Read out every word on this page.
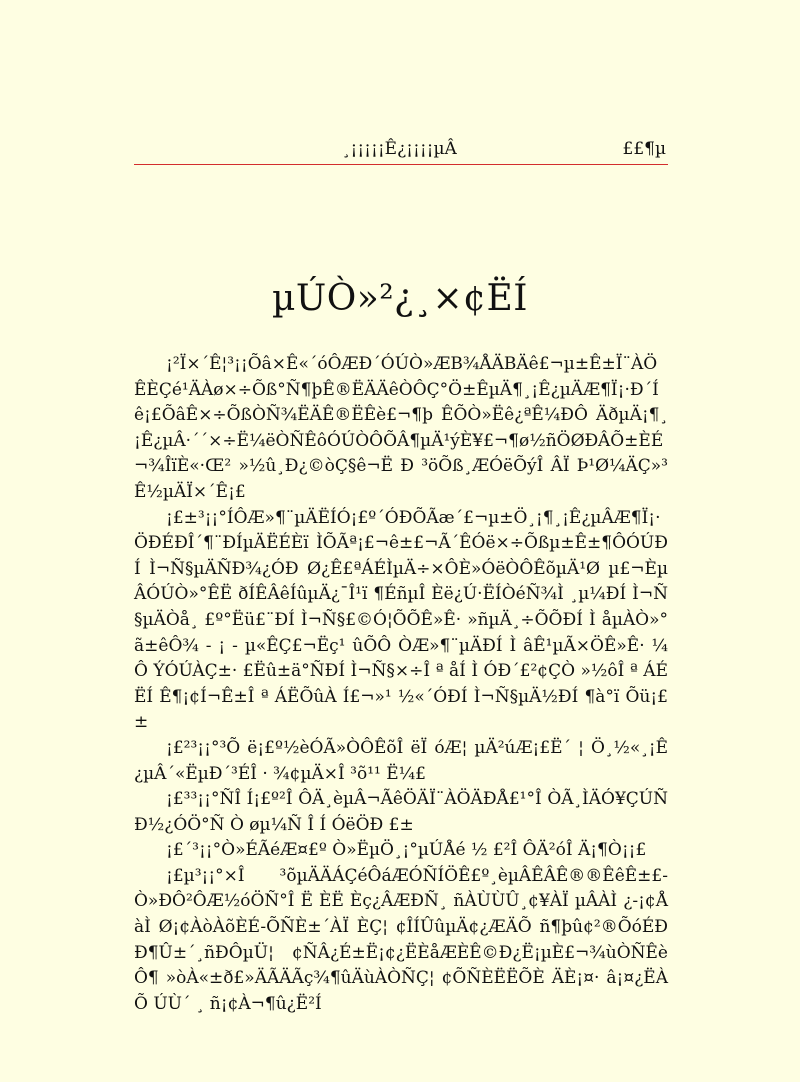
¸¡¡¡¡¡Ê¿¡¡¡¡µÂ	££¶µ
µÚÒ»²¿¸×¢ËÍ

¡²Ï×´Ê¦³¡¡Õâ×Ê«´óÔÆÐ´ÓÚÒ»ÆB¾ÅÄBÄê£¬µ±Ê±Ï¨ÀÖÊÈÇé¹ÄÀø×÷Õß°Ñ¶þÊ®ËÄÄêÒÔÇ°Ö±ÊµÄ¶¸¡Ê¿µÄÆ¶Ï¡·Ð´Í ê¡£ÕâÊ×÷ÕßÒÑ¾ËÄÊ®ËÊè£¬¶þ ÊÕÒ»Ëê¿ªÊ¼ÐÔ ÄðµÄ¡¶¸¡Ê¿µÂ·´´×÷Ë¼ëÒÑÊôÓÚÒÔÕÂ¶µÄ¹ýÈ¥£¬¶ø½ñÖØÐÂÕ±ÈÉ¬¾ÎïÈ«·Œ² »½û¸Ð¿©òÇ§ê¬Ë Ð ³öÕß¸ÆÓëÕýÎ ÂÏ Þ¹Ø¼ÄÇ»³Ê½µÄÏ×´Ê¡£

¡£±³¡¡°ÍÔÆ»¶¨µÄËÍÓ¡£º´ÓÐÕÃæ´£¬µ±Ö¸¡¶¸¡Ê¿µÂÆ¶Ï¡·ÖÐÉÐÎ´¶¨ÐÍµÄËÉÈï ÌÕÃª¡£¬ê±£¬Ã´ÊÓë×÷Õßµ±Ê±¶ÔÓÚÐÍ Ì¬Ñ§µÄÑÐ¾¿ÓÐ Ø¿Ê£ªÁÉÌµÄ÷×ÔÈ»ÓëÒÔÊõµÄ¹Ø µ£¬ÈµÂÓÚÒ»°ÊË ðÍÊÂêÍûµÄ¿¯Î¹ï ¶ÉñµÎ Èë¿Ú·ËÍÒéÑ¾Ì ¸µ¼ÐÍ Ì¬Ñ§µÄÒå¸ £º°Ëü£¨ÐÍ Ì¬Ñ§£©Ó¦ÕÕÊ»Ê· »ñµÄ¸÷ÕÕÐÍ Ì åµÀÒ»°ã±êÔ¾ - ¡ - µ«ÊÇ£¬Ëç¹ ûÕÔ ÒÆ»¶¨µÄÐÍ Ì âÊ¹µÃ×ÖÊ»Ê· ¼Ô ÝÓÚÀÇ±· £Ëû±ä°ÑÐÍ Ì¬Ñ§×÷Î ª åÍ Ì ÓÐ´£²¢ÇÒ »½ôÎ ª ÁÉËÍ Ê¶¡¢Í¬Ê±Î ª ÁËÕûÀ Í£¬»¹ ½«´ÓÐÍ Ì¬Ñ§µÄ½ÐÍ ¶à°ï Õü¡£±

¡£²³¡¡°³Õ ë¡£º½èÓÃ»ÒÔÊõÎ ëÏ óÆ¦ µÄ²úÆ¡£Ë´ ¦ Ö¸½«¸¡Ê¿µÂ´«ËµÐ´³ÉÎ · ¾¢µÄ×Î ³õ¹¹ Ë¼£

¡£³³¡¡°ÑÎ Í¡£º²Î ÔÄ¸èµÂ¬ÃêÖÄÏ¨ÀÖÄÐÅ£¹°Î ÒÃ¸ÌÄÓ¥ÇÚÑÐ½¿ÓÖ°Ñ Ò øµ¼Ñ Î Í ÓëÖÐ £±

¡£´³¡¡°Ò»ÉÃéÆ¤£º Ò»ËµÖ¸¡°µÚÅé ½ £²Î ÔÄ²óÎ Ä¡¶Ò¡¡£

¡£µ³¡¡°×Î ³õµÄÄÁÇéÔáÆÓÑÍÖÊ£º¸èµÂÊÂÊ®®ÊêÊ±£Ò»ÐÔ²ÔÆ½óÖÑ°Î Ë ÈË Èç¿ÂÆÐÑ¸ ñÀÙÙÛ¸¢¥ÀÏ µÂÀÌ ¿-¡¢ÅàÌ Ø¡¢ÀòÀõÈÉ-ÕÑÈ±´ÀÏ ÈÇ¦ ¢ÎÍÛûµÄ¢¿ÆÄÕ ñ¶þû¢²®ÕóÉÐ Ð¶Û±´¸ñÐÔµÜ¦ ¢ÑÂ¿É±Ë¡¢¿ËÈåÆÈÊ©Ð¿Ë¡µÈ£¬¾ùÒÑÊèÔ¶ »òÀ«±ð£»ÄÃÄÃç¾¶ûÄùÀÒÑÇ¦ ¢ÕÑÈËËÕÈ ÄÈ¡¤· â¡¤¿ËÀÕ ÚÙ´ ¸ ñ¡¢À¬¶û¿Ë²Í
